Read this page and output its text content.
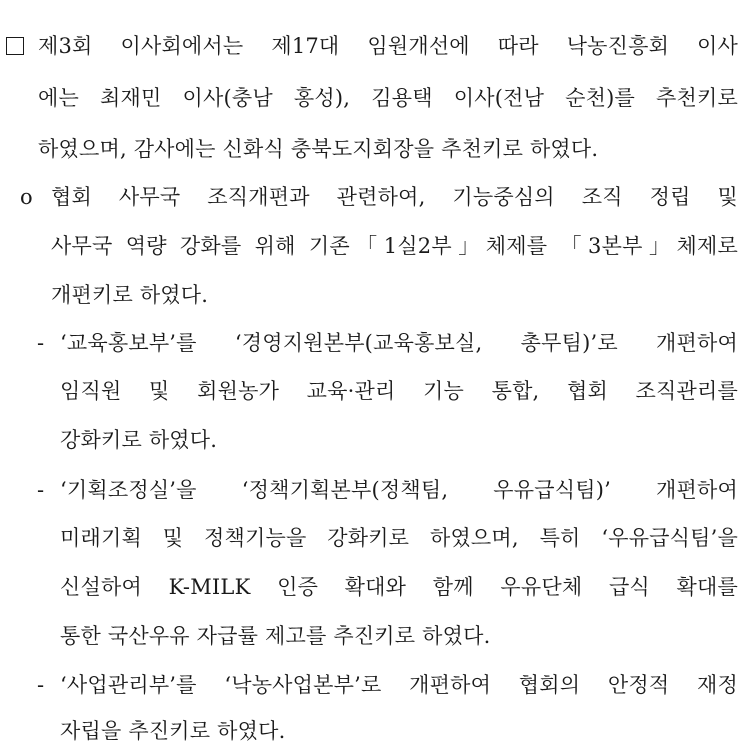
제3회 이사회에서는 제17대 임원개선에 따라 낙농진흥회 이사
에는 최재민 이사(충남 홍성), 김용택 이사(전남 순천)를 추천키로
하였으며, 감사에는 신화식 충북도지회장을 추천키로 하였다.
o 협회 사무국 조직개편과 관련하여, 기능중심의 조직 정립 및
사무국 역량 강화를 위해 기존「1실2부」체제를 「3본부」체제로
개편키로 하였다.
- ‘교육홍보부’를 ‘경영지원본부(교육홍보실, 총무팀)’로 개편하여
임직원 및 회원농가 교육·관리 기능 통합, 협회 조직관리를
강화키로 하였다.
- ‘기획조정실’을 ‘정책기획본부(정책팀, 우유급식팀)’ 개편하여
미래기획 및 정책기능을 강화키로 하였으며, 특히 ‘우유급식팀’을
신설하여 K-MILK 인증 확대와 함께 우유단체 급식 확대를
통한 국산우유 자급률 제고를 추진키로 하였다.
- ‘사업관리부’를 ‘낙농사업본부’로 개편하여 협회의 안정적 재정
자립을 추진키로 하였다.
